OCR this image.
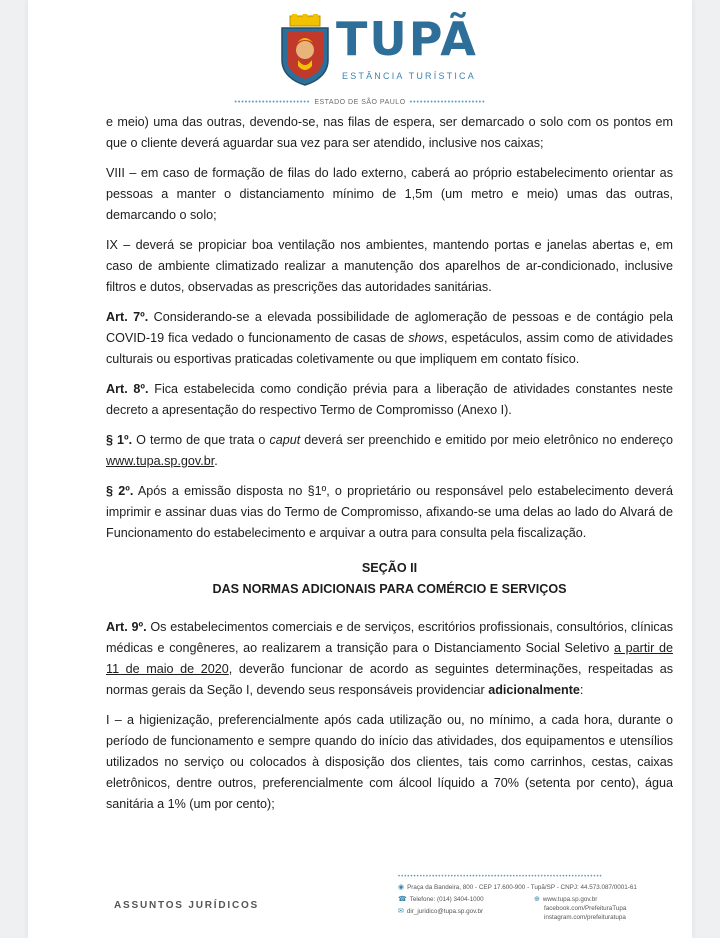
TUPÃ
ESTÂNCIA TURÍSTICA
•••••••••••••••••••••• ESTADO DE SÃO PAULO ••••••••••••••••••••••

e meio) uma das outras, devendo-se, nas filas de espera, ser demarcado o solo com os pontos em que o cliente deverá aguardar sua vez para ser atendido, inclusive nos caixas;

VIII – em caso de formação de filas do lado externo, caberá ao próprio estabelecimento orientar as pessoas a manter o distanciamento mínimo de 1,5m (um metro e meio) umas das outras, demarcando o solo;

IX – deverá se propiciar boa ventilação nos ambientes, mantendo portas e janelas abertas e, em caso de ambiente climatizado realizar a manutenção dos aparelhos de ar-condicionado, inclusive filtros e dutos, observadas as prescrições das autoridades sanitárias.

Art. 7º. Considerando-se a elevada possibilidade de aglomeração de pessoas e de contágio pela COVID-19 fica vedado o funcionamento de casas de shows, espetáculos, assim como de atividades culturais ou esportivas praticadas coletivamente ou que impliquem em contato físico.

Art. 8º. Fica estabelecida como condição prévia para a liberação de atividades constantes neste decreto a apresentação do respectivo Termo de Compromisso (Anexo I).

§ 1º. O termo de que trata o caput deverá ser preenchido e emitido por meio eletrônico no endereço www.tupa.sp.gov.br.

§ 2º. Após a emissão disposta no §1º, o proprietário ou responsável pelo estabelecimento deverá imprimir e assinar duas vias do Termo de Compromisso, afixando-se uma delas ao lado do Alvará de Funcionamento do estabelecimento e arquivar a outra para consulta pela fiscalização.

SEÇÃO II
DAS NORMAS ADICIONAIS PARA COMÉRCIO E SERVIÇOS

Art. 9º. Os estabelecimentos comerciais e de serviços, escritórios profissionais, consultórios, clínicas médicas e congêneres, ao realizarem a transição para o Distanciamento Social Seletivo a partir de 11 de maio de 2020, deverão funcionar de acordo as seguintes determinações, respeitadas as normas gerais da Seção I, devendo seus responsáveis providenciar adicionalmente:

I – a higienização, preferencialmente após cada utilização ou, no mínimo, a cada hora, durante o período de funcionamento e sempre quando do início das atividades, dos equipamentos e utensílios utilizados no serviço ou colocados à disposição dos clientes, tais como carrinhos, cestas, caixas eletrônicos, dentre outros, preferencialmente com álcool líquido a 70% (setenta por cento), água sanitária a 1% (um por cento);

••••••••••••••••••••••••••••••••••••••••••••••••••••••••••••••••••
ASSUNTOS JURÍDICOS
◉ Praça da Bandeira, 800 - CEP 17.600-900 - Tupã/SP - CNPJ: 44.573.087/0001-61
☎ Telefone: (014) 3404-1000
✉ dir_juridico@tupa.sp.gov.br
⊕ www.tupa.sp.gov.br
facebook.com/PrefeituraTupa
instagram.com/prefeituratupa
